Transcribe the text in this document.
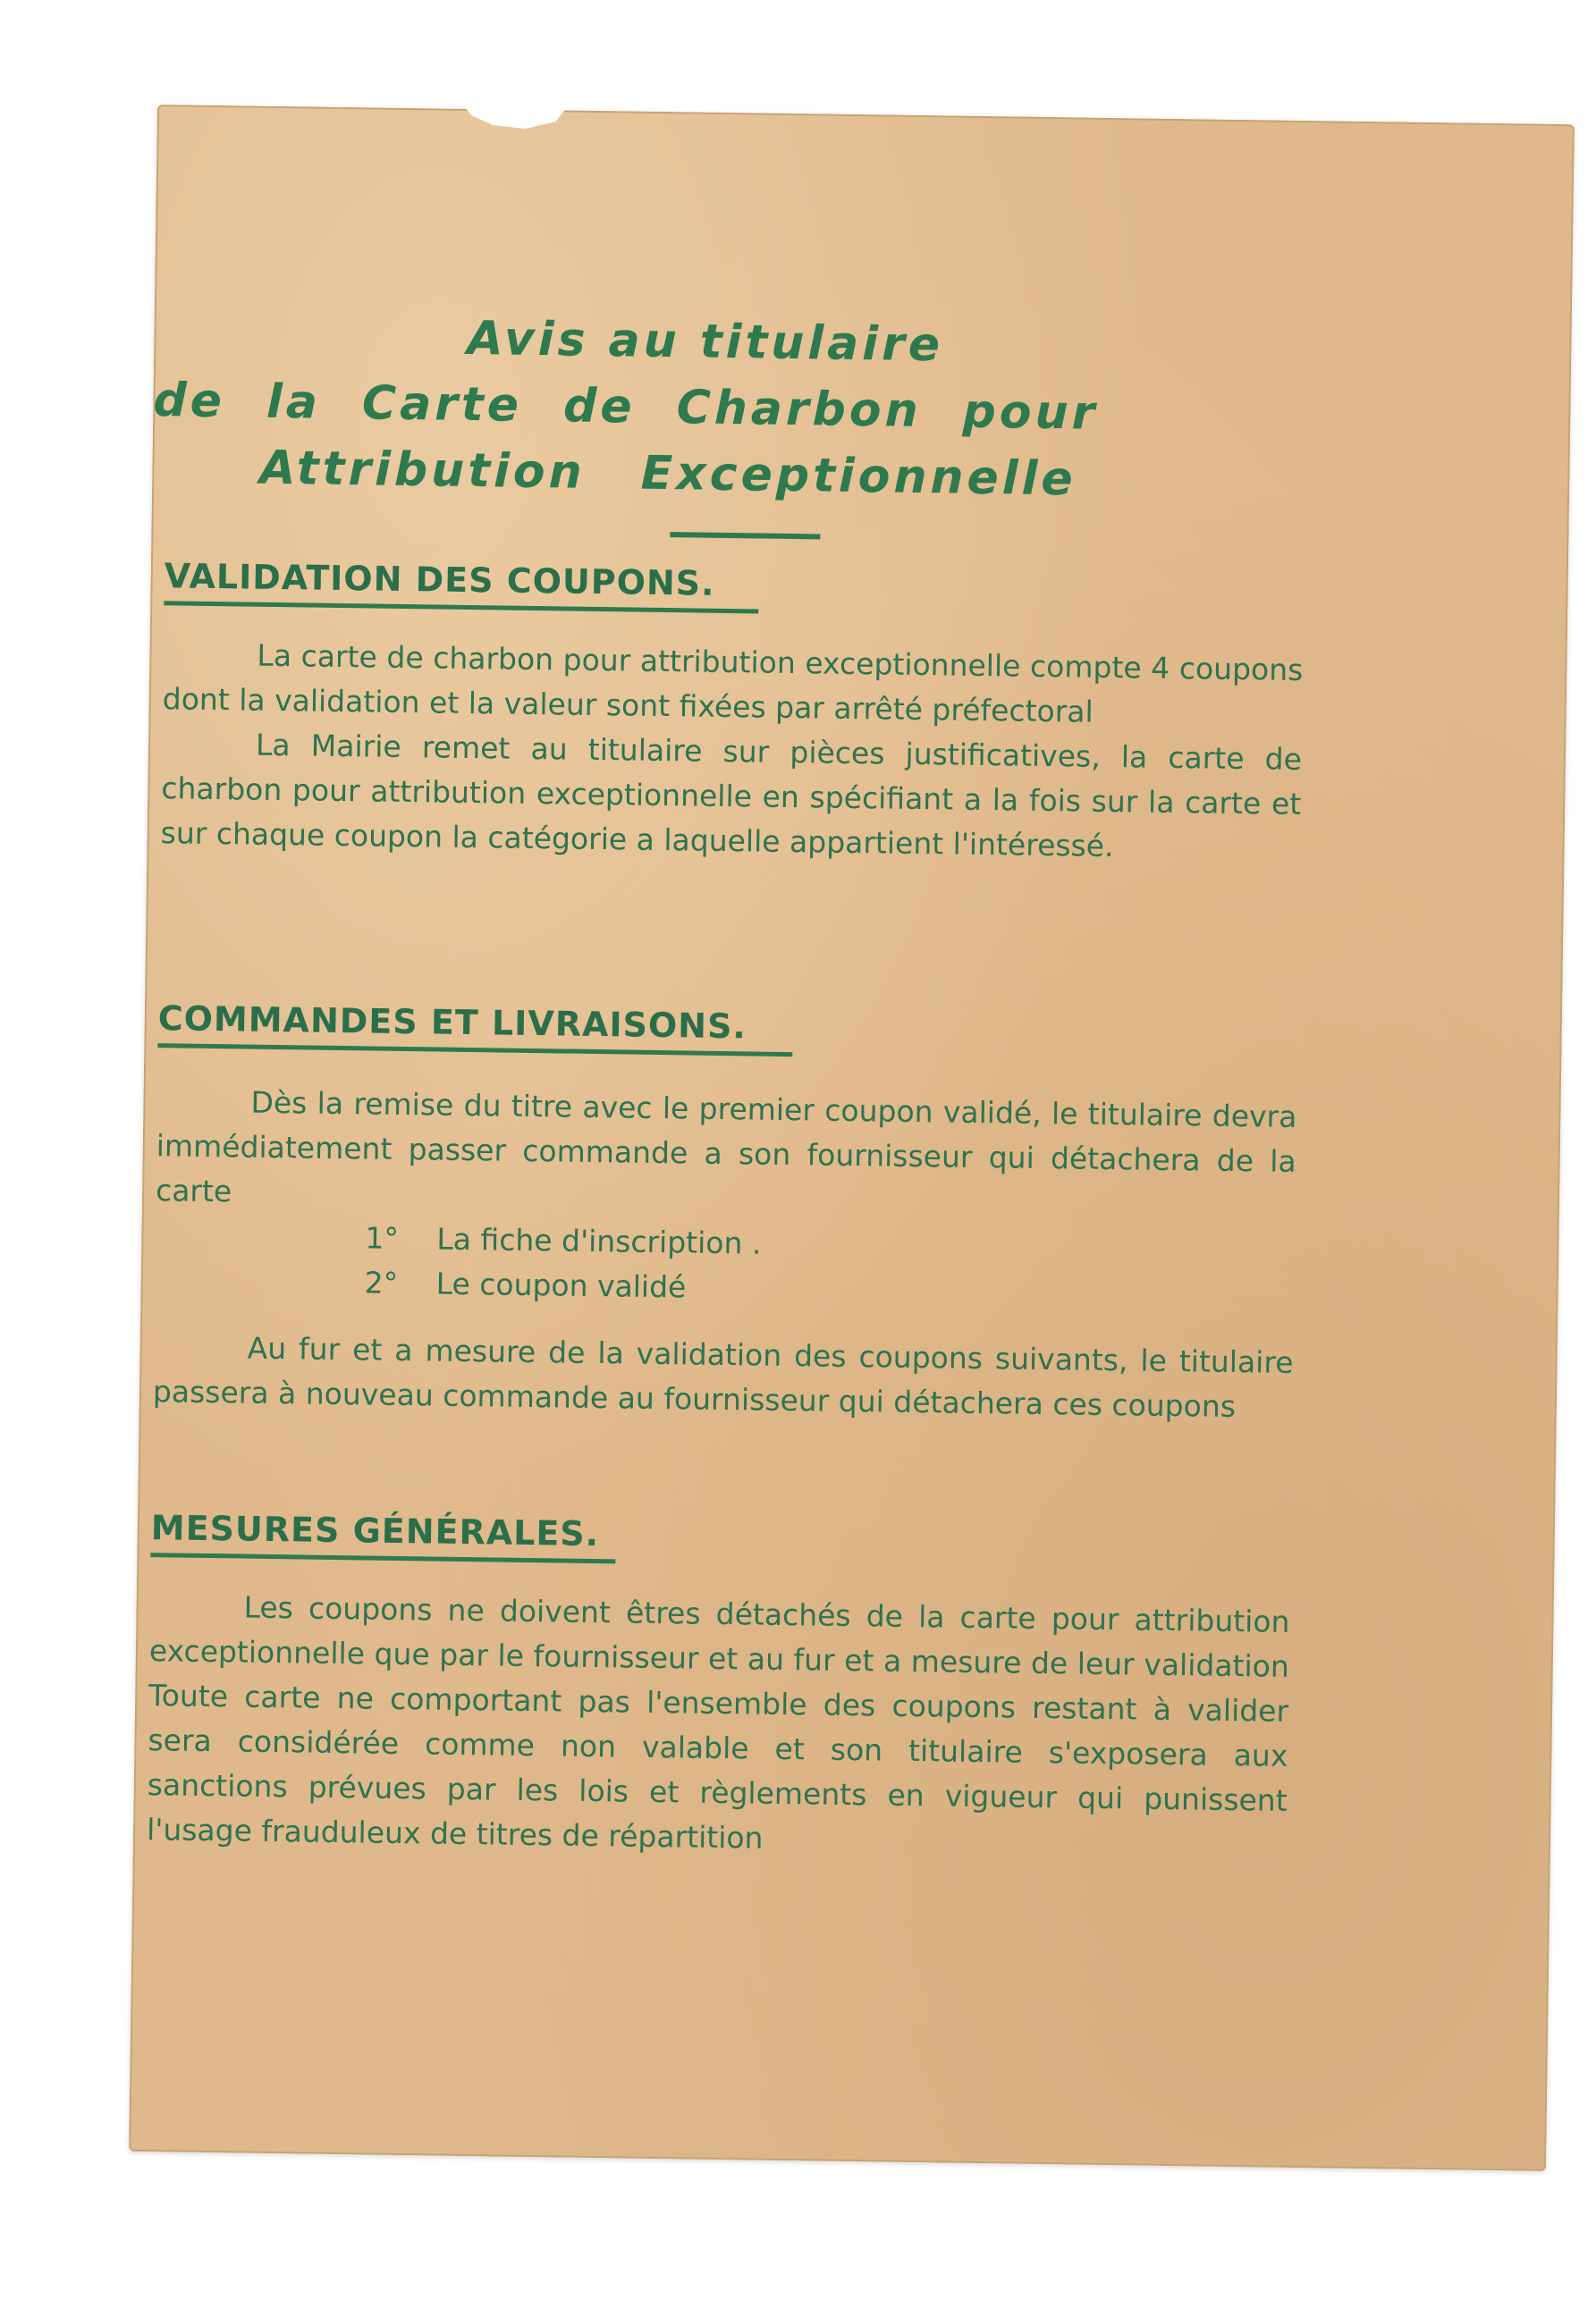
Avis au titulaire
de la Carte de Charbon pour
Attribution Exceptionnelle
VALIDATION DES COUPONS.

La carte de charbon pour attribution exceptionnelle compte 4 coupons dont la validation et la valeur sont fixées par arrêté préfectoral

La Mairie remet au titulaire sur pièces justificatives, la carte de charbon pour attribution exceptionnelle en spécifiant a la fois sur la carte et sur chaque coupon la catégorie a laquelle appartient l'intéressé.

COMMANDES ET LIVRAISONS.

Dès la remise du titre avec le premier coupon validé, le titulaire devra immédiatement passer commande a son fournisseur qui détachera de la carte

1° La fiche d'inscription .
2° Le coupon validé

Au fur et a mesure de la validation des coupons suivants, le titulaire passera à nouveau commande au fournisseur qui détachera ces coupons

MESURES GÉNÉRALES.

Les coupons ne doivent êtres détachés de la carte pour attribution exceptionnelle que par le fournisseur et au fur et a mesure de leur validation Toute carte ne comportant pas l'ensemble des coupons restant à valider sera considérée comme non valable et son titulaire s'exposera aux sanctions prévues par les lois et règlements en vigueur qui punissent l'usage frauduleux de titres de répartition
